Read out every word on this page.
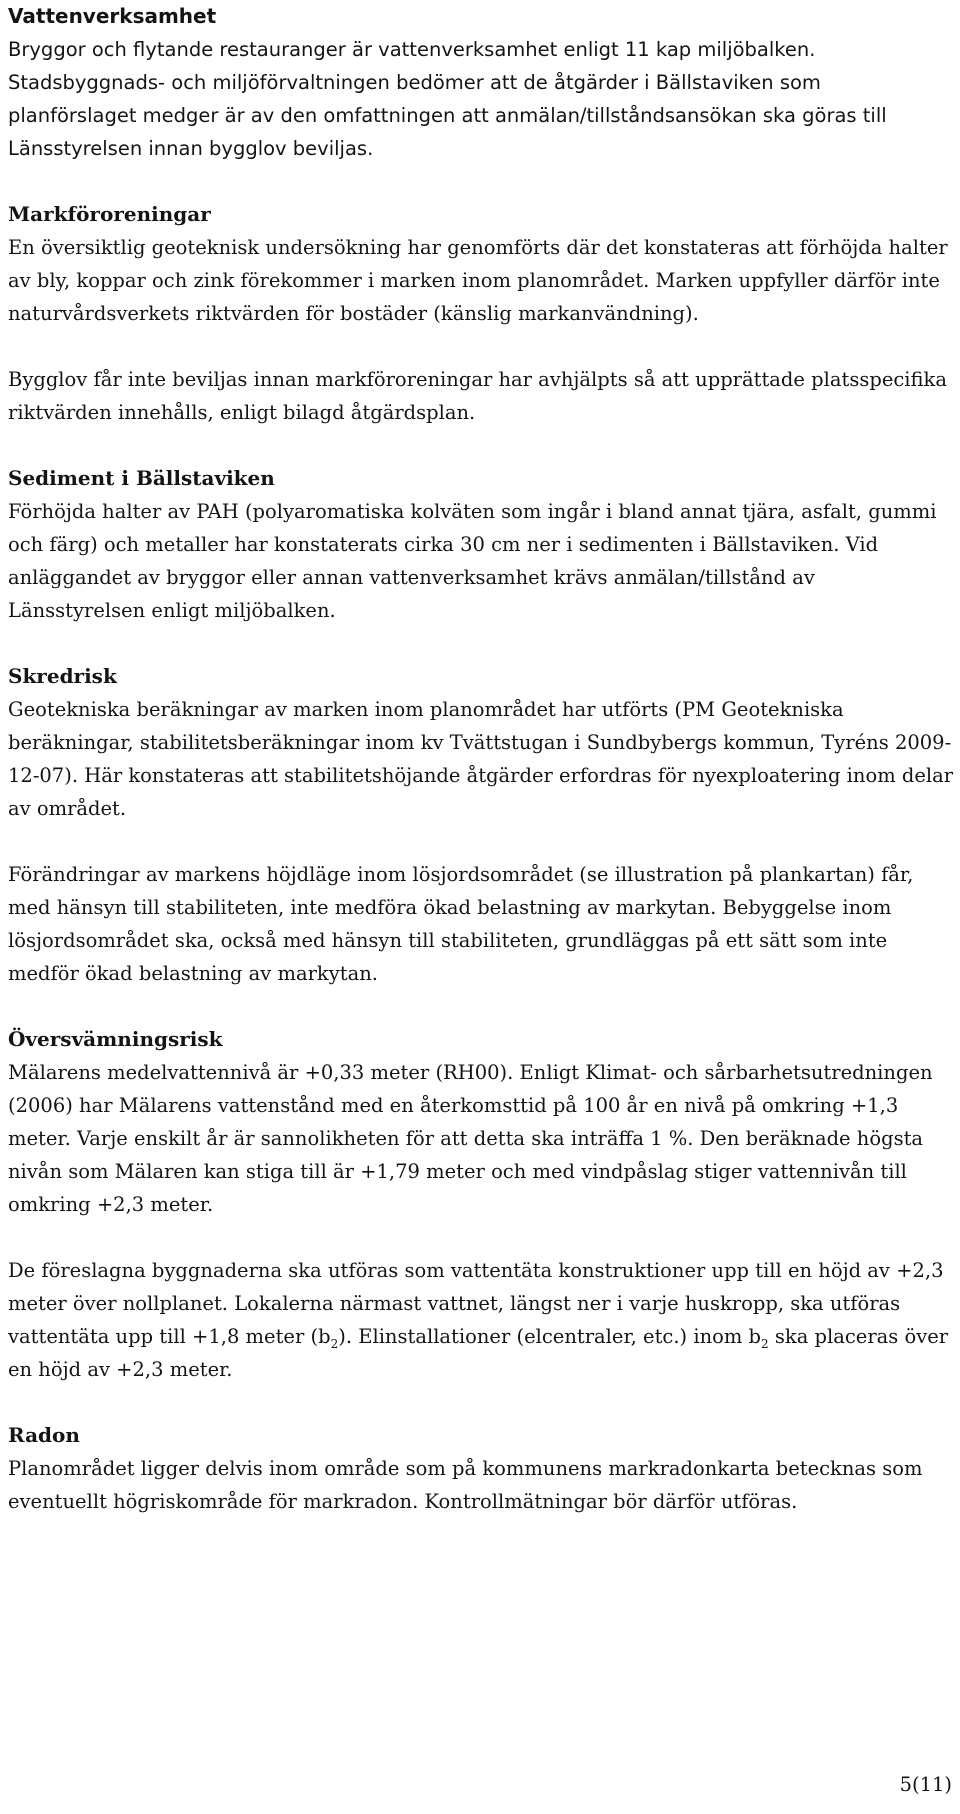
Vattenverksamhet

Bryggor och flytande restauranger är vattenverksamhet enligt 11 kap miljöbalken. Stadsbyggnads- och miljöförvaltningen bedömer att de åtgärder i Bällstaviken som planförslaget medger är av den omfattningen att anmälan/tillståndsansökan ska göras till Länsstyrelsen innan bygglov beviljas.

Markföroreningar

En översiktlig geoteknisk undersökning har genomförts där det konstateras att förhöjda halter av bly, koppar och zink förekommer i marken inom planområdet. Marken uppfyller därför inte naturvårdsverkets riktvärden för bostäder (känslig markanvändning).

Bygglov får inte beviljas innan markföroreningar har avhjälpts så att upprättade platsspecifika riktvärden innehålls, enligt bilagd åtgärdsplan.

Sediment i Bällstaviken

Förhöjda halter av PAH (polyaromatiska kolväten som ingår i bland annat tjära, asfalt, gummi och färg) och metaller har konstaterats cirka 30 cm ner i sedimenten i Bällstaviken. Vid anläggandet av bryggor eller annan vattenverksamhet krävs anmälan/tillstånd av Länsstyrelsen enligt miljöbalken.

Skredrisk

Geotekniska beräkningar av marken inom planområdet har utförts (PM Geotekniska beräkningar, stabilitetsberäkningar inom kv Tvättstugan i Sundbybergs kommun, Tyréns 2009-12-07). Här konstateras att stabilitetshöjande åtgärder erfordras för nyexploatering inom delar av området.

Förändringar av markens höjdläge inom lösjordsområdet (se illustration på plankartan) får, med hänsyn till stabiliteten, inte medföra ökad belastning av markytan. Bebyggelse inom lösjordsområdet ska, också med hänsyn till stabiliteten, grundläggas på ett sätt som inte medför ökad belastning av markytan.

Översvämningsrisk

Mälarens medelvattennivå är +0,33 meter (RH00). Enligt Klimat- och sårbarhetsutredningen (2006) har Mälarens vattenstånd med en återkomsttid på 100 år en nivå på omkring +1,3 meter. Varje enskilt år är sannolikheten för att detta ska inträffa 1 %. Den beräknade högsta nivån som Mälaren kan stiga till är +1,79 meter och med vindpåslag stiger vattennivån till omkring +2,3 meter.

De föreslagna byggnaderna ska utföras som vattentäta konstruktioner upp till en höjd av +2,3 meter över nollplanet. Lokalerna närmast vattnet, längst ner i varje huskropp, ska utföras vattentäta upp till +1,8 meter $(b_2)$. Elinstallationer (elcentraler, etc.) inom $b_2$ ska placeras över en höjd av +2,3 meter.

Radon

Planområdet ligger delvis inom område som på kommunens markradonkarta betecknas som eventuellt högriskområde för markradon. Kontrollmätningar bör därför utföras.

5(11)
